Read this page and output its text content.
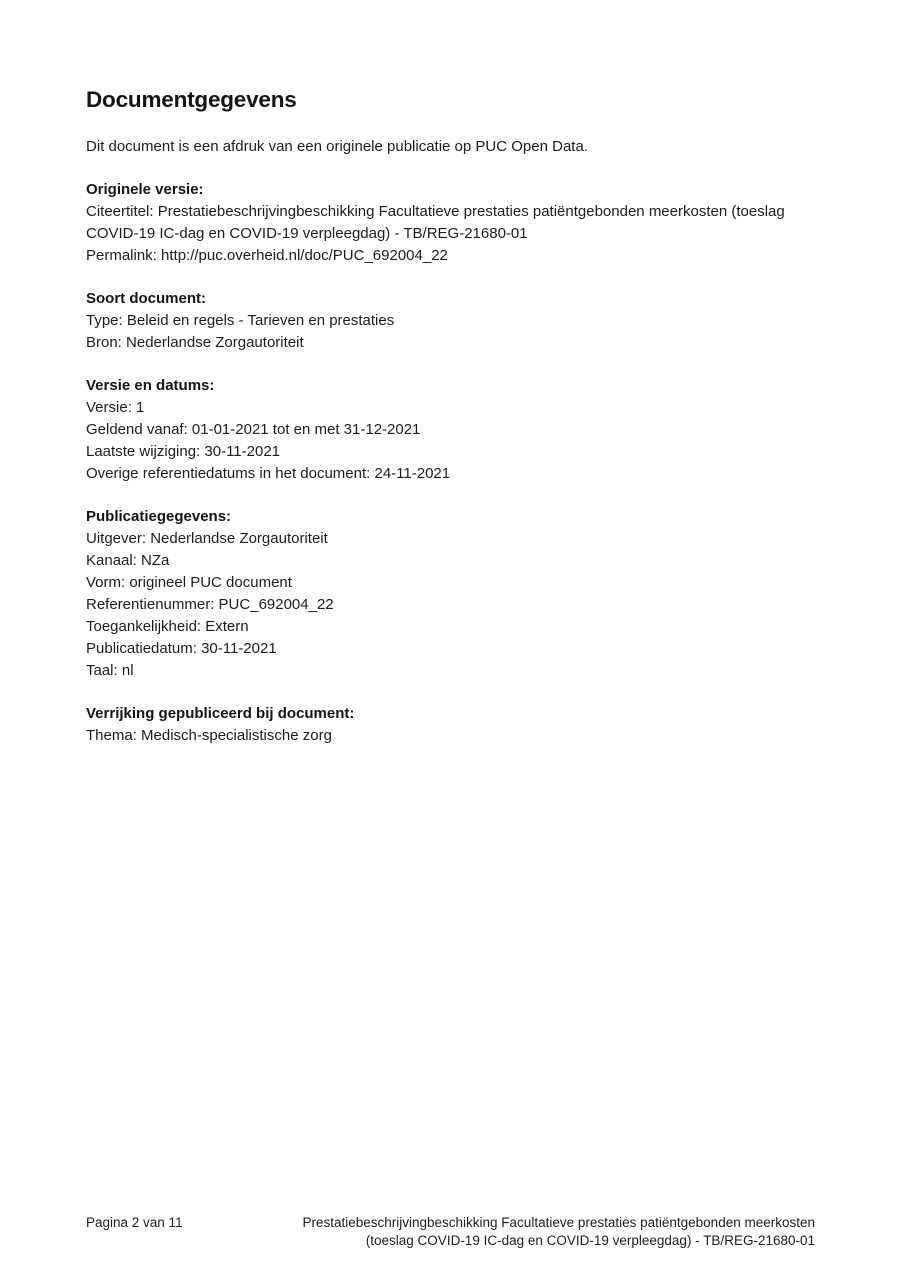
Documentgegevens

Dit document is een afdruk van een originele publicatie op PUC Open Data.

Originele versie:

Citeertitel: Prestatiebeschrijvingbeschikking Facultatieve prestaties patiëntgebonden meerkosten (toeslag COVID-19 IC-dag en COVID-19 verpleegdag) - TB/REG-21680-01

Permalink: http://puc.overheid.nl/doc/PUC_692004_22

Soort document:

Type: Beleid en regels - Tarieven en prestaties

Bron: Nederlandse Zorgautoriteit

Versie en datums:

Versie: 1

Geldend vanaf: 01-01-2021 tot en met 31-12-2021

Laatste wijziging: 30-11-2021

Overige referentiedatums in het document: 24-11-2021

Publicatiegegevens:

Uitgever: Nederlandse Zorgautoriteit

Kanaal: NZa

Vorm: origineel PUC document

Referentienummer: PUC_692004_22

Toegankelijkheid: Extern

Publicatiedatum: 30-11-2021

Taal: nl

Verrijking gepubliceerd bij document:

Thema: Medisch-specialistische zorg

Pagina 2 van 11	Prestatiebeschrijvingbeschikking Facultatieve prestaties patiëntgebonden meerkosten
(toeslag COVID-19 IC-dag en COVID-19 verpleegdag) - TB/REG-21680-01
